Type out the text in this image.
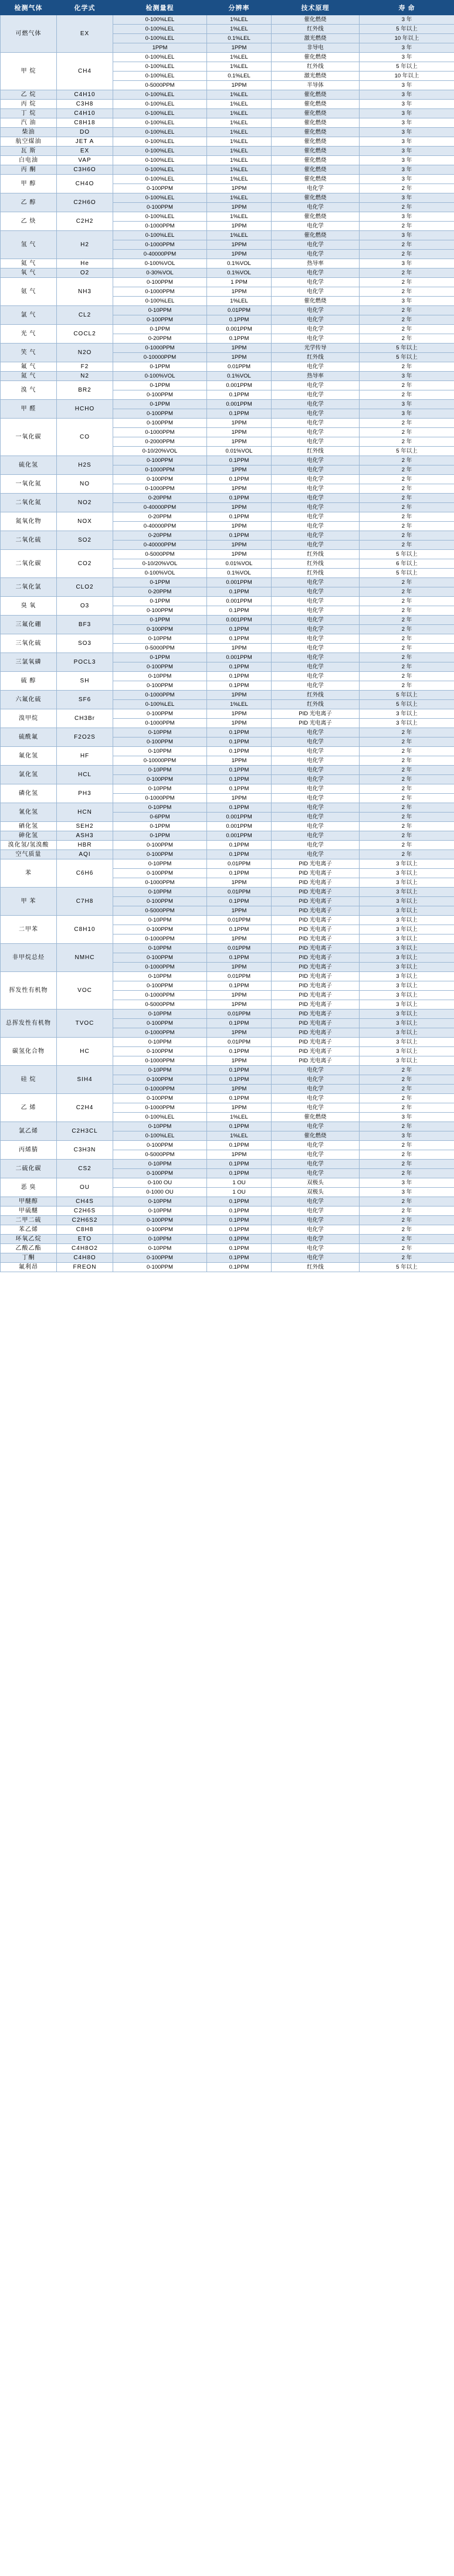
检测气体	化学式	检测量程	分辨率	技术原理	寿 命
可燃气体	EX	0-100%LEL	1%LEL	催化燃烧	3 年
		0-100%LEL	1%LEL	红外线	5 年以上
		0-100%LEL	0.1%LEL	激光燃烧	10 年以上
		1PPM	1PPM	非导电	3 年
甲 烷	CH4	0-100%LEL	1%LEL	催化燃烧	3 年
		0-100%LEL	1%LEL	红外线	5 年以上
		0-100%LEL	0.1%LEL	激光燃烧	10 年以上
		0-5000PPM	1PPM	半导体	3 年
乙 烷	C4H10	0-100%LEL	1%LEL	催化燃烧	3 年
丙 烷	C3H8	0-100%LEL	1%LEL	催化燃烧	3 年
丁 烷	C4H10	0-100%LEL	1%LEL	催化燃烧	3 年
汽 油	C8H18	0-100%LEL	1%LEL	催化燃烧	3 年
柴油	DO	0-100%LEL	1%LEL	催化燃烧	3 年
航空煤油	JET A	0-100%LEL	1%LEL	催化燃烧	3 年
瓦 斯	EX	0-100%LEL	1%LEL	催化燃烧	3 年
白电油	VAP	0-100%LEL	1%LEL	催化燃烧	3 年
丙 酮	C3H6O	0-100%LEL	1%LEL	催化燃烧	3 年
甲 醇	CH4O	0-100%LEL	1%LEL	催化燃烧	3 年
		0-100PPM	1PPM	电化学	2 年
乙 醇	C2H6O	0-100%LEL	1%LEL	催化燃烧	3 年
		0-100PPM	1PPM	电化学	2 年
乙 炔	C2H2	0-100%LEL	1%LEL	催化燃烧	3 年
		0-1000PPM	1PPM	电化学	2 年
氢 气	H2	0-100%LEL	1%LEL	催化燃烧	3 年
		0-1000PPM	1PPM	电化学	2 年
		0-40000PPM	1PPM	电化学	2 年
氦 气	He	0-100%VOL	0.1%VOL	热导率	3 年
氧 气	O2	0-30%VOL	0.1%VOL	电化学	2 年
氨 气	NH3	0-100PPM	1 PPM	电化学	2 年
		0-1000PPM	1PPM	电化学	2 年
		0-100%LEL	1%LEL	催化燃烧	3 年
氯 气	CL2	0-10PPM	0.01PPM	电化学	2 年
		0-100PPM	0.1PPM	电化学	2 年
光 气	COCL2	0-1PPM	0.001PPM	电化学	2 年
		0-20PPM	0.1PPM	电化学	2 年
笑 气	N2O	0-1000PPM	1PPM	光学传导	5 年以上
		0-10000PPM	1PPM	红外线	5 年以上
氟 气	F2	0-1PPM	0.01PPM	电化学	2 年
氮 气	N2	0-100%VOL	0.1%VOL	热导率	3 年
溴 气	BR2	0-1PPM	0.001PPM	电化学	2 年
		0-100PPM	0.1PPM	电化学	2 年
甲 醛	HCHO	0-1PPM	0.001PPM	电化学	3 年
		0-100PPM	0.1PPM	电化学	3 年
一氧化碳	CO	0-100PPM	1PPM	电化学	2 年
		0-1000PPM	1PPM	电化学	2 年
		0-2000PPM	1PPM	电化学	2 年
		0-10/20%VOL	0.01%VOL	红外线	5 年以上
硫化氢	H2S	0-100PPM	0.1PPM	电化学	2 年
		0-1000PPM	1PPM	电化学	2 年
一氧化氮	NO	0-100PPM	0.1PPM	电化学	2 年
		0-1000PPM	1PPM	电化学	2 年
二氧化氮	NO2	0-20PPM	0.1PPM	电化学	2 年
		0-40000PPM	1PPM	电化学	2 年
氮氧化物	NOX	0-20PPM	0.1PPM	电化学	2 年
		0-40000PPM	1PPM	电化学	2 年
二氧化硫	SO2	0-20PPM	0.1PPM	电化学	2 年
		0-40000PPM	1PPM	电化学	2 年
二氧化碳	CO2	0-5000PPM	1PPM	红外线	5 年以上
		0-10/20%VOL	0.01%VOL	红外线	6 年以上
		0-100%VOL	0.1%VOL	红外线	5 年以上
二氧化氯	CLO2	0-1PPM	0.001PPM	电化学	2 年
		0-20PPM	0.1PPM	电化学	2 年
臭 氧	O3	0-1PPM	0.001PPM	电化学	2 年
		0-100PPM	0.1PPM	电化学	2 年
三氟化硼	BF3	0-1PPM	0.001PPM	电化学	2 年
		0-100PPM	0.1PPM	电化学	2 年
三氧化硫	SO3	0-10PPM	0.1PPM	电化学	2 年
		0-5000PPM	1PPM	电化学	2 年
三氯氧磷	POCL3	0-1PPM	0.001PPM	电化学	2 年
		0-100PPM	0.1PPM	电化学	2 年
硫 醇	SH	0-10PPM	0.1PPM	电化学	2 年
		0-100PPM	0.1PPM	电化学	2 年
六氟化硫	SF6	0-1000PPM	1PPM	红外线	5 年以上
		0-100%LEL	1%LEL	红外线	5 年以上
溴甲烷	CH3Br	0-100PPM	1PPM	PID 光电离子	3 年以上
		0-1000PPM	1PPM	PID 光电离子	3 年以上
硫酰氟	F2O2S	0-10PPM	0.1PPM	电化学	2 年
		0-100PPM	0.1PPM	电化学	2 年
氟化氢	HF	0-10PPM	0.1PPM	电化学	2 年
		0-10000PPM	1PPM	电化学	2 年
氯化氢	HCL	0-10PPM	0.1PPM	电化学	2 年
		0-100PPM	0.1PPM	电化学	2 年
磷化氢	PH3	0-10PPM	0.1PPM	电化学	2 年
		0-1000PPM	1PPM	电化学	2 年
氰化氢	HCN	0-10PPM	0.1PPM	电化学	2 年
		0-6PPM	0.001PPM	电化学	2 年
硒化氢	SEH2	0-1PPM	0.001PPM	电化学	2 年
砷化氢	ASH3	0-1PPM	0.001PPM	电化学	2 年
溴化氢/氢溴酸	HBR	0-100PPM	0.1PPM	电化学	2 年
空气质量	AQI	0-100PPM	0.1PPM	电化学	2 年
苯	C6H6	0-10PPM	0.01PPM	PID 光电离子	3 年以上
		0-100PPM	0.1PPM	PID 光电离子	3 年以上
		0-1000PPM	1PPM	PID 光电离子	3 年以上
甲 苯	C7H8	0-10PPM	0.01PPM	PID 光电离子	3 年以上
		0-100PPM	0.1PPM	PID 光电离子	3 年以上
		0-5000PPM	1PPM	PID 光电离子	3 年以上
二甲苯	C8H10	0-10PPM	0.01PPM	PID 光电离子	3 年以上
		0-100PPM	0.1PPM	PID 光电离子	3 年以上
		0-1000PPM	1PPM	PID 光电离子	3 年以上
非甲烷总烃	NMHC	0-10PPM	0.01PPM	PID 光电离子	3 年以上
		0-100PPM	0.1PPM	PID 光电离子	3 年以上
		0-1000PPM	1PPM	PID 光电离子	3 年以上
挥发性有机物	VOC	0-10PPM	0.01PPM	PID 光电离子	3 年以上
		0-100PPM	0.1PPM	PID 光电离子	3 年以上
		0-1000PPM	1PPM	PID 光电离子	3 年以上
		0-5000PPM	1PPM	PID 光电离子	3 年以上
总挥发性有机物	TVOC	0-10PPM	0.01PPM	PID 光电离子	3 年以上
		0-100PPM	0.1PPM	PID 光电离子	3 年以上
		0-1000PPM	1PPM	PID 光电离子	3 年以上
碳氢化合物	HC	0-10PPM	0.01PPM	PID 光电离子	3 年以上
		0-100PPM	0.1PPM	PID 光电离子	3 年以上
		0-1000PPM	1PPM	PID 光电离子	3 年以上
硅 烷	SIH4	0-10PPM	0.1PPM	电化学	2 年
		0-100PPM	0.1PPM	电化学	2 年
		0-1000PPM	1PPM	电化学	2 年
乙 烯	C2H4	0-100PPM	0.1PPM	电化学	2 年
		0-1000PPM	1PPM	电化学	2 年
		0-100%LEL	1%LEL	催化燃烧	3 年
氯乙烯	C2H3CL	0-10PPM	0.1PPM	电化学	2 年
		0-100%LEL	1%LEL	催化燃烧	3 年
丙烯腈	C3H3N	0-100PPM	0.1PPM	电化学	2 年
		0-5000PPM	1PPM	电化学	2 年
二硫化碳	CS2	0-10PPM	0.1PPM	电化学	2 年
		0-100PPM	0.1PPM	电化学	2 年
恶 臭	OU	0-100 OU	1 OU	双极头	3 年
		0-1000 OU	1 OU	双极头	3 年
甲醚醇	CH4S	0-10PPM	0.1PPM	电化学	2 年
甲硫醚	C2H6S	0-10PPM	0.1PPM	电化学	2 年
二甲二硫	C2H6S2	0-100PPM	0.1PPM	电化学	2 年
苯乙烯	C8H8	0-100PPM	0.1PPM	电化学	2 年
环氧乙烷	ETO	0-10PPM	0.1PPM	电化学	2 年
乙酸乙酯	C4H8O2	0-10PPM	0.1PPM	电化学	2 年
丁酮	C4H8O	0-100PPM	0.1PPM	电化学	2 年
氟利昂	FREON	0-100PPM	0.1PPM	红外线	5 年以上
